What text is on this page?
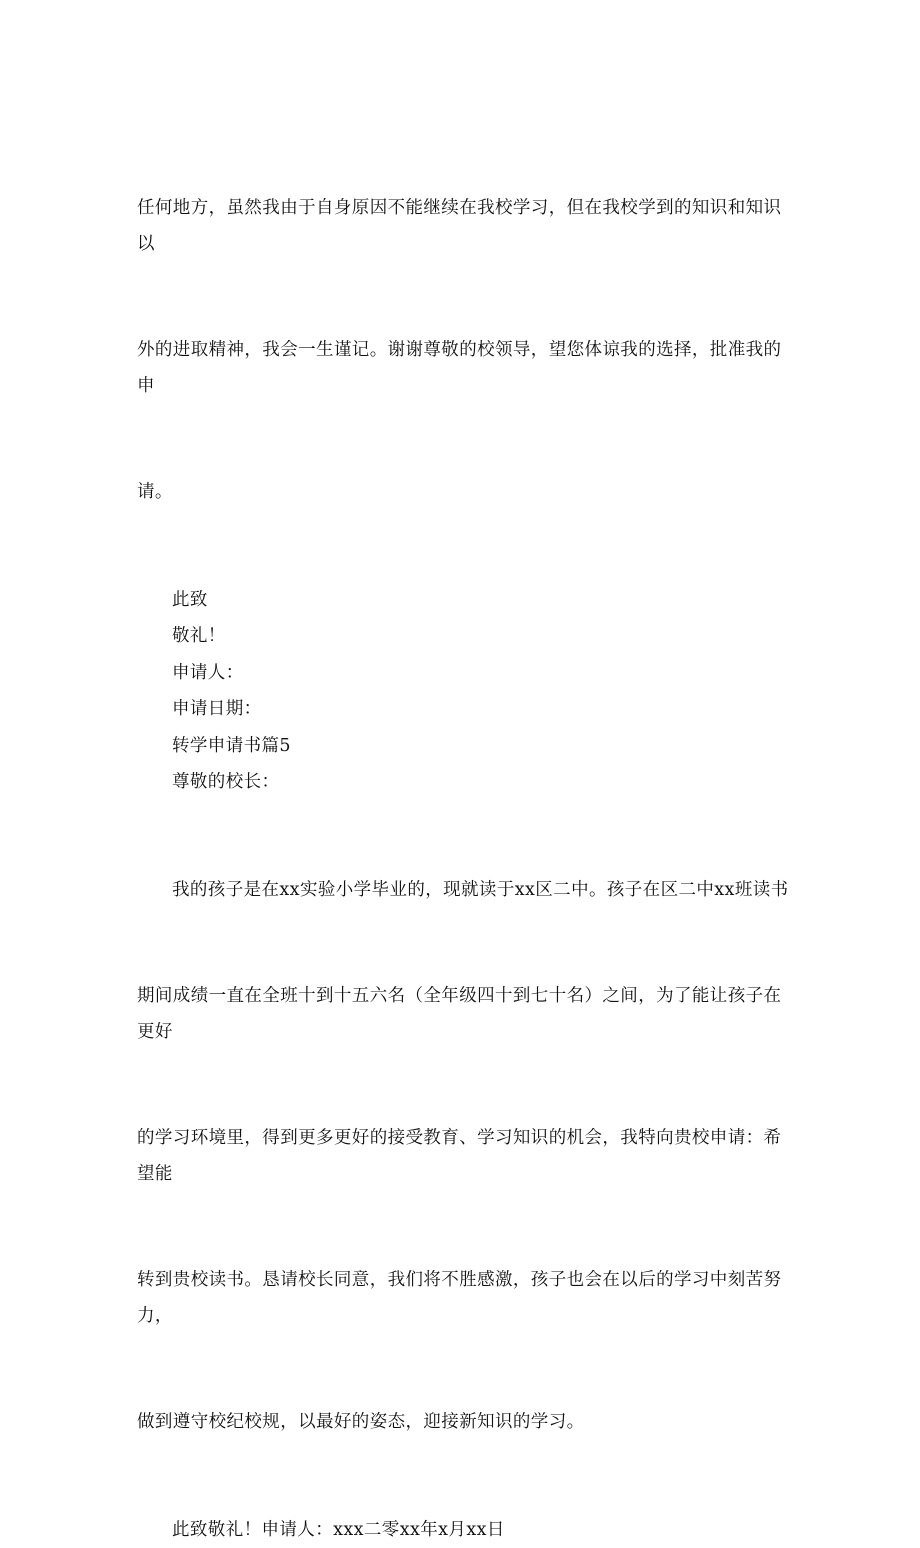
任何地方，虽然我由于自身原因不能继续在我校学习，但在我校学到的知识和知识以

外的进取精神，我会一生谨记。谢谢尊敬的校领导，望您体谅我的选择，批准我的申

请。

此致
敬礼！
申请人：
申请日期：
转学申请书篇5
尊敬的校长：

我的孩子是在xx实验小学毕业的，现就读于xx区二中。孩子在区二中xx班读书

期间成绩一直在全班十到十五六名（全年级四十到七十名）之间，为了能让孩子在更好

的学习环境里，得到更多更好的接受教育、学习知识的机会，我特向贵校申请：希望能

转到贵校读书。恳请校长同意，我们将不胜感激，孩子也会在以后的学习中刻苦努力，

做到遵守校纪校规，以最好的姿态，迎接新知识的学习。

此致敬礼！申请人：xxx二零xx年x月xx日
